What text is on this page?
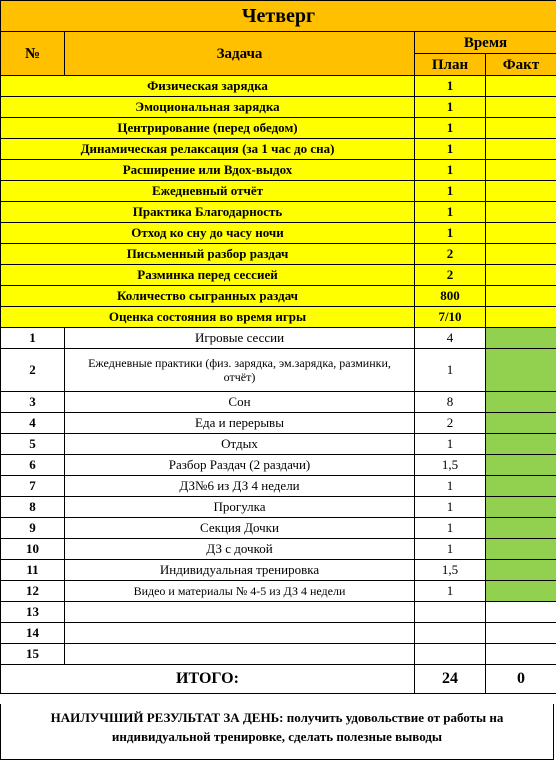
Четверг			
№	Задача	Время	
		План	Факт
Физическая зарядка		1	
Эмоциональная зарядка		1	
Центрирование (перед обедом)		1	
Динамическая релаксация (за 1 час до сна)		1	
Расширение или Вдох-выдох		1	
Ежедневный отчёт		1	
Практика Благодарность		1	
Отход ко сну до часу ночи		1	
Письменный разбор раздач		2	
Разминка перед сессией		2	
Количество сыгранных раздач		800	
Оценка состояния во время игры		7/10	
1	Игровые сессии	4	
2	Ежедневные практики (физ. зарядка, эм.зарядка, разминки, отчёт)	1	
3	Сон	8	
4	Еда и перерывы	2	
5	Отдых	1	
6	Разбор Раздач (2 раздачи)	1,5	
7	ДЗ№6 из ДЗ 4 недели	1	
8	Прогулка	1	
9	Секция Дочки	1	
10	ДЗ с дочкой	1	
11	Индивидуальная тренировка	1,5	
12	Видео и материалы № 4-5 из ДЗ 4 недели	1	
13			
14			
15			
ИТОГО:		24	0
НАИЛУЧШИЙ РЕЗУЛЬТАТ ЗА ДЕНЬ: получить удовольствие от работы на индивидуальной тренировке, сделать полезные выводы
